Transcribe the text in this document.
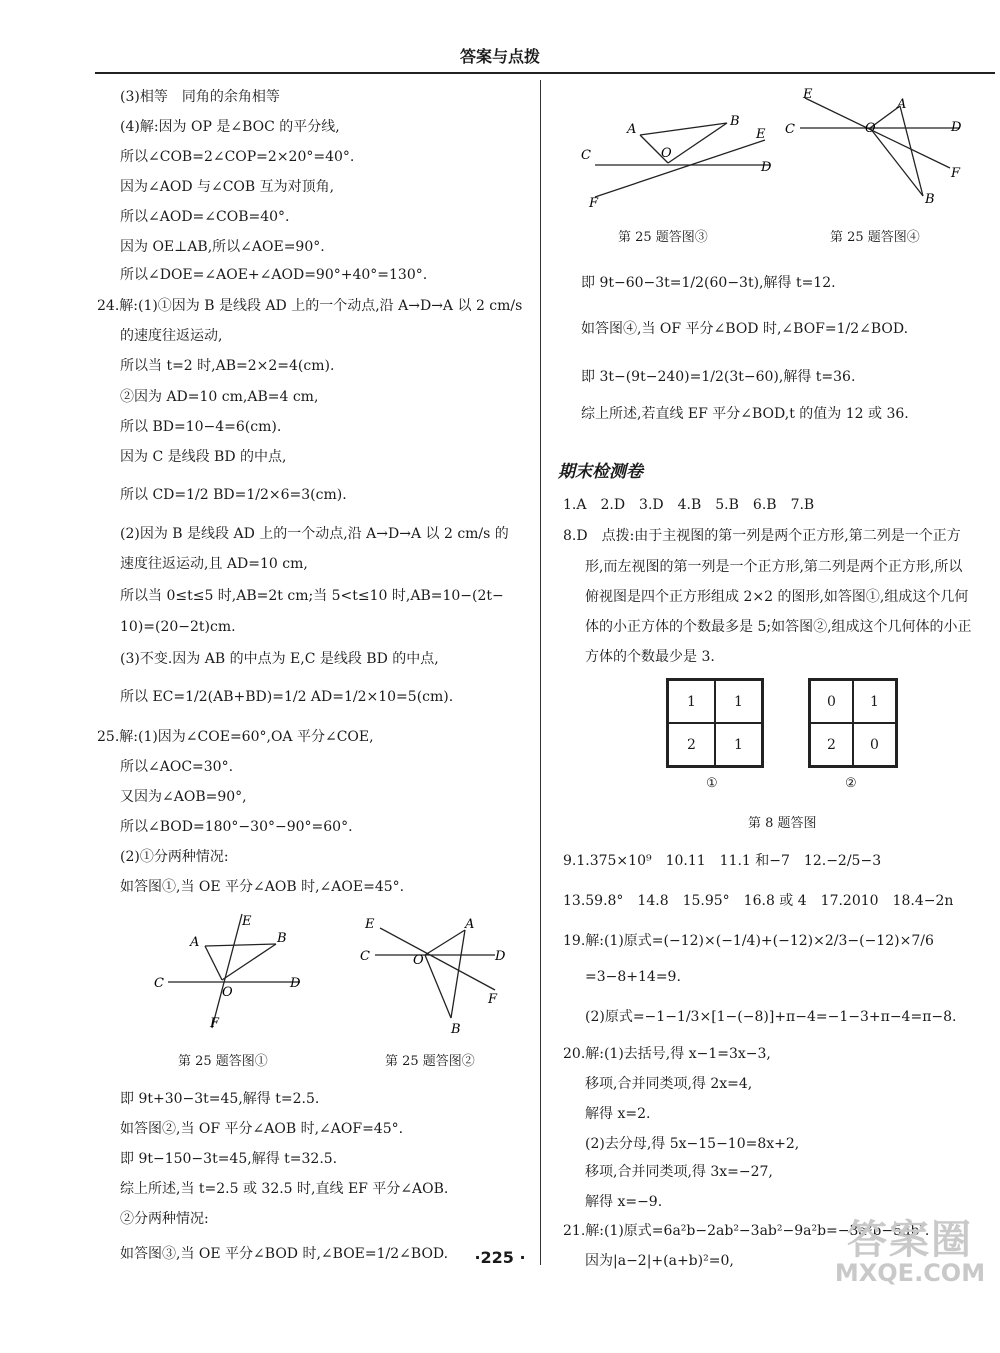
答案与点拨
(3)相等　同角的余角相等
(4)解:因为 OP 是∠BOC 的平分线,
所以∠COB=2∠COP=2×20°=40°.
因为∠AOD 与∠COB 互为对顶角,
所以∠AOD=∠COB=40°.
因为 OE⊥AB,所以∠AOE=90°.
所以∠DOE=∠AOE+∠AOD=90°+40°=130°.
24.解:(1)①因为 B 是线段 AD 上的一个动点,沿 A→D→A 以 2 cm/s
的速度往返运动,
所以当 t=2 时,AB=2×2=4(cm).
②因为 AD=10 cm,AB=4 cm,
所以 BD=10−4=6(cm).
因为 C 是线段 BD 的中点,
所以 CD=1/2 BD=1/2×6=3(cm).
(2)因为 B 是线段 AD 上的一个动点,沿 A→D→A 以 2 cm/s 的
速度往返运动,且 AD=10 cm,
所以当 0≤t≤5 时,AB=2t cm;当 5<t≤10 时,AB=10−(2t−
10)=(20−2t)cm.
(3)不变.因为 AB 的中点为 E,C 是线段 BD 的中点,
所以 EC=1/2(AB+BD)=1/2 AD=1/2×10=5(cm).
25.解:(1)因为∠COE=60°,OA 平分∠COE,
所以∠AOC=30°.
又因为∠AOB=90°,
所以∠BOD=180°−30°−90°=60°.
(2)①分两种情况:
如答图①,当 OE 平分∠AOB 时,∠AOE=45°.
E
A	B
C
O
D
F
第 25 题答图①
E	A
C	O	D
F
B
第 25 题答图②
即 9t+30−3t=45,解得 t=2.5.
如答图②,当 OF 平分∠AOB 时,∠AOF=45°.
即 9t−150−3t=45,解得 t=32.5.
综上所述,当 t=2.5 或 32.5 时,直线 EF 平分∠AOB.
②分两种情况:
如答图③,当 OE 平分∠BOD 时,∠BOE=1/2∠BOD.
A
B
E
C	O
D
F
第 25 题答图③
E
A
C	O	D
F
B
第 25 题答图④
即 9t−60−3t=1/2(60−3t),解得 t=12.
如答图④,当 OF 平分∠BOD 时,∠BOF=1/2∠BOD.
即 3t−(9t−240)=1/2(3t−60),解得 t=36.
综上所述,若直线 EF 平分∠BOD,t 的值为 12 或 36.
期末检测卷
1.A　2.D　3.D　4.B　5.B　6.B　7.B
8.D　点拨:由于主视图的第一列是两个正方形,第二列是一个正方
形,而左视图的第一列是一个正方形,第二列是两个正方形,所以
俯视图是四个正方形组成 2×2 的图形,如答图①,组成这个几何
体的小正方体的个数最多是 5;如答图②,组成这个几何体的小正
方体的个数最少是 3.
1	1
2	1
①
0	1
2	0
②
第 8 题答图
9.1.375×10⁹　10.11　11.1 和−7　12.−2/5−3
13.59.8°　14.8　15.95°　16.8 或 4　17.2010　18.4−2n
19.解:(1)原式=(−12)×(−1/4)+(−12)×2/3−(−12)×7/6
=3−8+14=9.
(2)原式=−1−1/3×[1−(−8)]+π−4=−1−3+π−4=π−8.
20.解:(1)去括号,得 x−1=3x−3,
移项,合并同类项,得 2x=4,
解得 x=2.
(2)去分母,得 5x−15−10=8x+2,
移项,合并同类项,得 3x=−27,
解得 x=−9.
21.解:(1)原式=6a²b−2ab²−3ab²−9a²b=−3a²b−5ab².
因为|a−2|+(a+b)²=0,
·225 ·	答案圈
MXQE.COM
